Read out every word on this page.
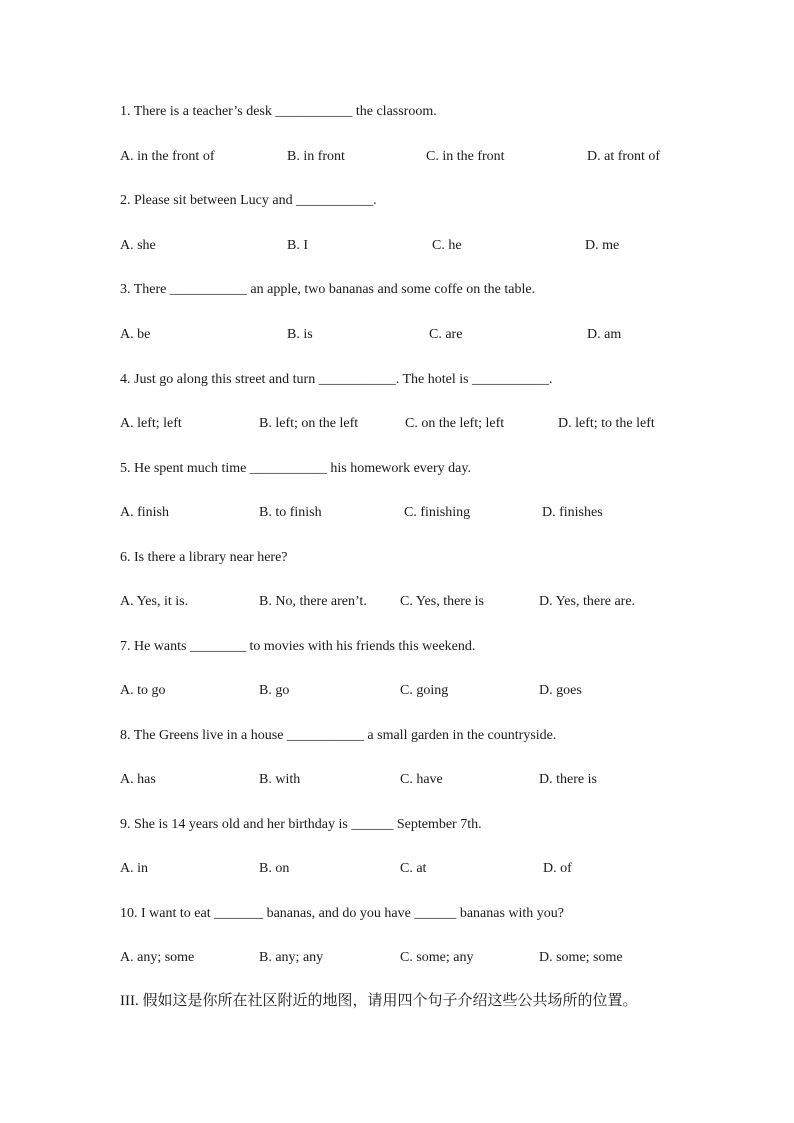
1. There is a teacher’s desk ___________ the classroom.
A. in the front of	B. in front	C. in the front	D. at front of
2. Please sit between Lucy and ___________.
A. she	B. I	C. he	D. me
3. There ___________ an apple, two bananas and some coffe on the table.
A. be	B. is	C. are	D. am
4. Just go along this street and turn ___________. The hotel is ___________.
A. left; left	B. left; on the left	C. on the left; left	D. left; to the left
5. He spent much time ___________ his homework every day.
A. finish	B. to finish	C. finishing	D. finishes
6. Is there a library near here?
A. Yes, it is.	B. No, there aren’t. C. Yes, there is	D. Yes, there are.
7. He wants ________ to movies with his friends this weekend.
A. to go	B. go	C. going	D. goes
8. The Greens live in a house ___________ a small garden in the countryside.
A. has	B. with	C. have	D. there is
9. She is 14 years old and her birthday is ______ September 7th.
A. in	B. on	C. at	D. of
10. I want to eat _______ bananas, and do you have ______ bananas with you?
A. any; some	B. any; any	C. some; any	D. some; some
III. 假如这是你所在社区附近的地图，请用四个句子介绍这些公共场所的位置。
